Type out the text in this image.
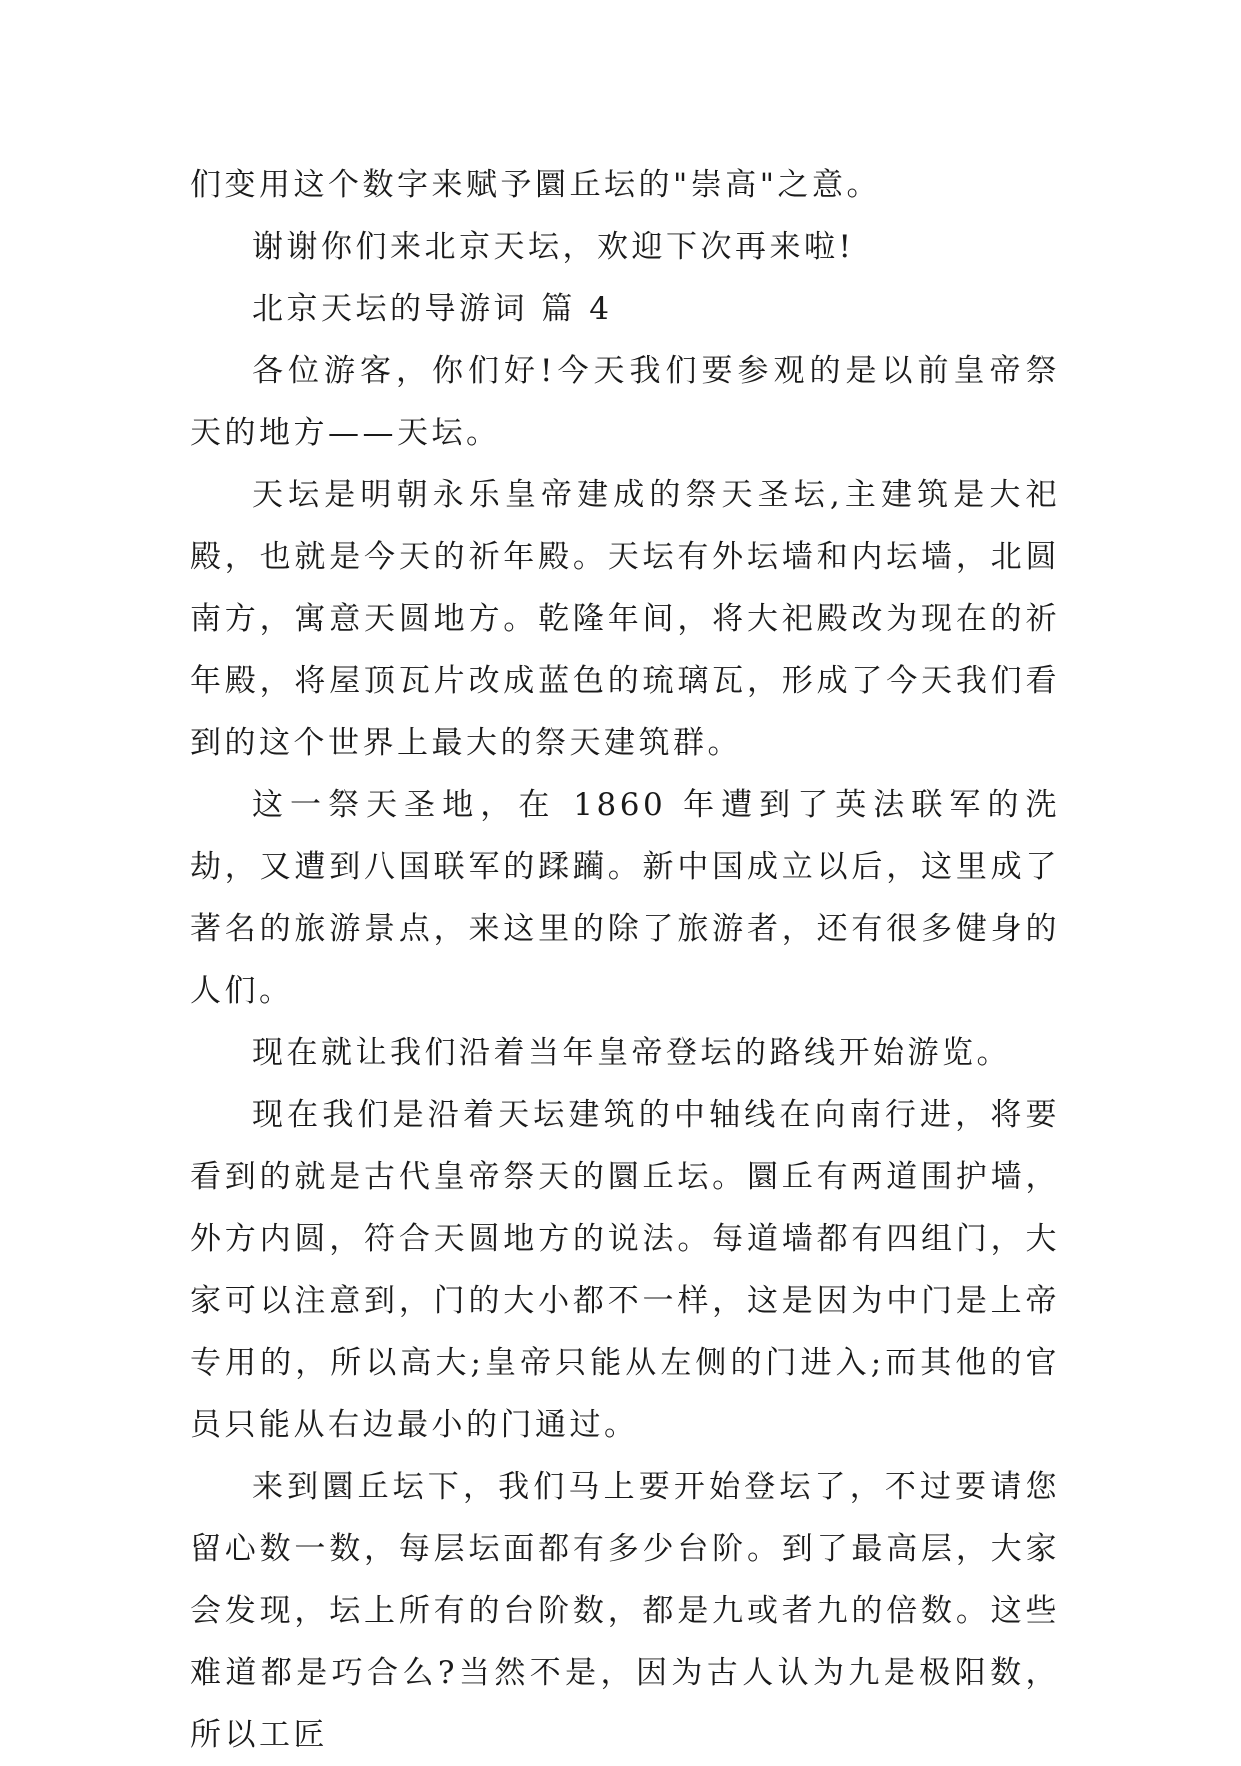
们变用这个数字来赋予圜丘坛的"崇高"之意。

谢谢你们来北京天坛，欢迎下次再来啦!

北京天坛的导游词 篇 4

各位游客，你们好!今天我们要参观的是以前皇帝祭天的地方——天坛。

天坛是明朝永乐皇帝建成的祭天圣坛,主建筑是大祀殿，也就是今天的祈年殿。天坛有外坛墙和内坛墙，北圆南方，寓意天圆地方。乾隆年间，将大祀殿改为现在的祈年殿，将屋顶瓦片改成蓝色的琉璃瓦，形成了今天我们看到的这个世界上最大的祭天建筑群。

这一祭天圣地，在 1860 年遭到了英法联军的洗劫，又遭到八国联军的蹂躏。新中国成立以后，这里成了著名的旅游景点，来这里的除了旅游者，还有很多健身的人们。

现在就让我们沿着当年皇帝登坛的路线开始游览。

现在我们是沿着天坛建筑的中轴线在向南行进，将要看到的就是古代皇帝祭天的圜丘坛。圜丘有两道围护墙，外方内圆，符合天圆地方的说法。每道墙都有四组门，大家可以注意到，门的大小都不一样，这是因为中门是上帝专用的，所以高大;皇帝只能从左侧的门进入;而其他的官员只能从右边最小的门通过。

来到圜丘坛下，我们马上要开始登坛了，不过要请您留心数一数，每层坛面都有多少台阶。到了最高层，大家会发现，坛上所有的台阶数，都是九或者九的倍数。这些难道都是巧合么?当然不是，因为古人认为九是极阳数，所以工匠
